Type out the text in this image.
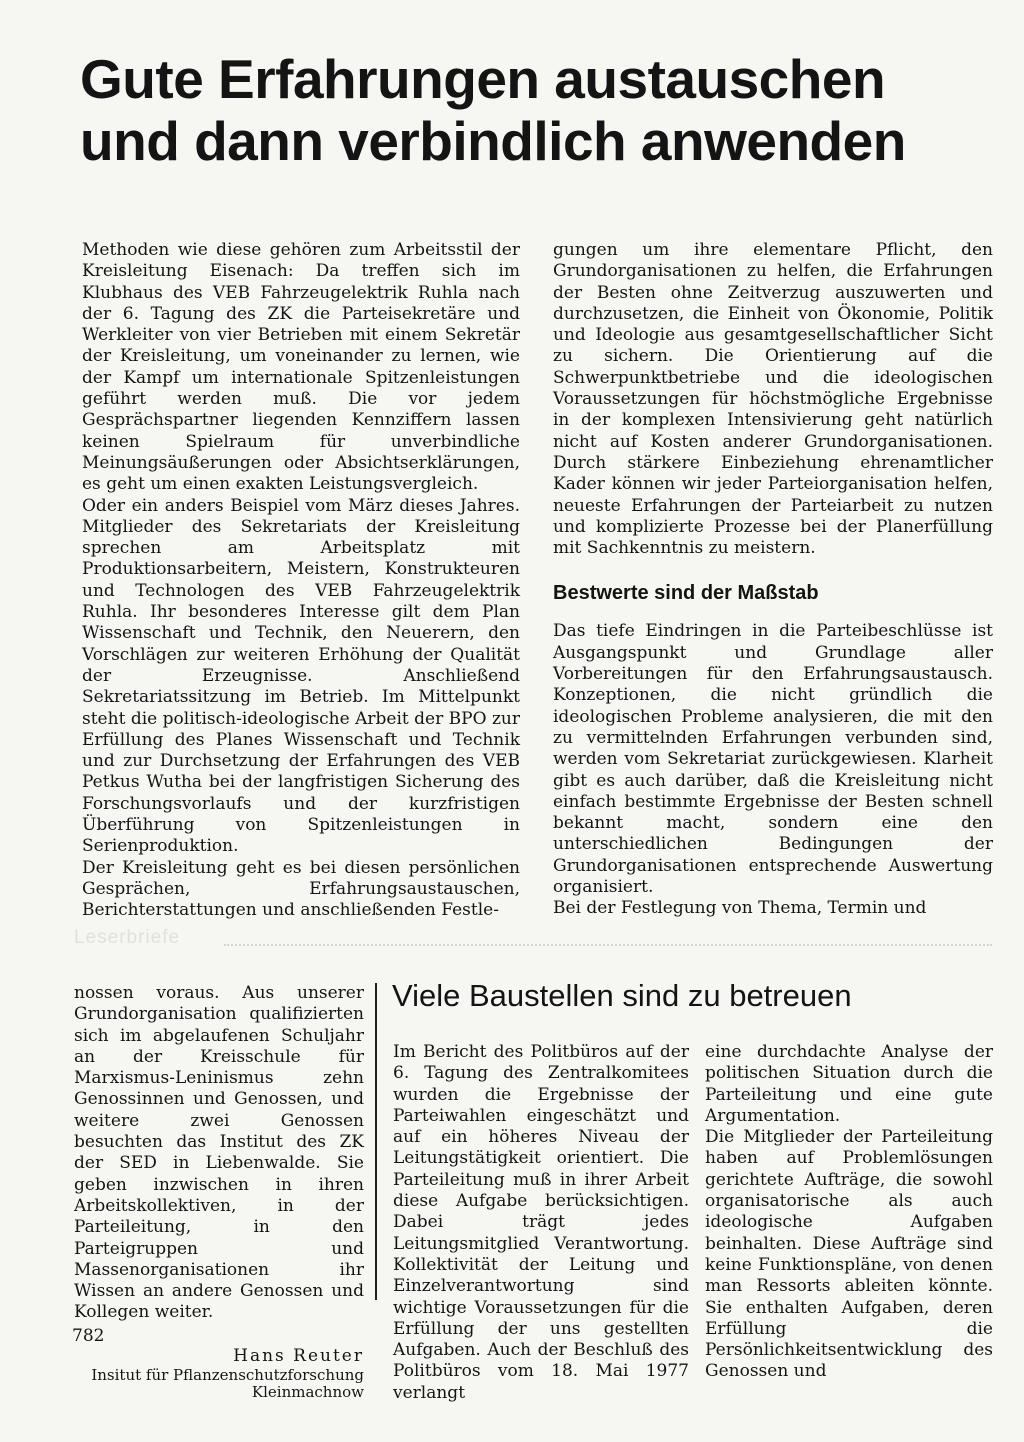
Gute Erfahrungen austauschen
und dann verbindlich anwenden

Methoden wie diese gehören zum Arbeitsstil der Kreisleitung Eisenach: Da treffen sich im Klubhaus des VEB Fahrzeugelektrik Ruhla nach der 6. Tagung des ZK die Parteisekretäre und Werkleiter von vier Betrieben mit einem Sekretär der Kreisleitung, um voneinander zu lernen, wie der Kampf um internationale Spitzenleistungen geführt werden muß. Die vor jedem Gesprächspartner liegenden Kennziffern lassen keinen Spielraum für unverbindliche Meinungsäußerungen oder Absichtserklärungen, es geht um einen exakten Leistungsvergleich.

Oder ein anders Beispiel vom März dieses Jahres. Mitglieder des Sekretariats der Kreisleitung sprechen am Arbeitsplatz mit Produktionsarbeitern, Meistern, Konstrukteuren und Technologen des VEB Fahrzeugelektrik Ruhla. Ihr besonderes Interesse gilt dem Plan Wissenschaft und Technik, den Neuerern, den Vorschlägen zur weiteren Erhöhung der Qualität der Erzeugnisse. Anschließend Sekretariatssitzung im Betrieb. Im Mittelpunkt steht die politisch-ideologische Arbeit der BPO zur Erfüllung des Planes Wissenschaft und Technik und zur Durchsetzung der Erfahrungen des VEB Petkus Wutha bei der langfristigen Sicherung des Forschungsvorlaufs und der kurzfristigen Überführung von Spitzenleistungen in Serienproduktion.

Der Kreisleitung geht es bei diesen persönlichen Gesprächen, Erfahrungsaustauschen, Berichterstattungen und anschließenden Festle-

gungen um ihre elementare Pflicht, den Grundorganisationen zu helfen, die Erfahrungen der Besten ohne Zeitverzug auszuwerten und durchzusetzen, die Einheit von Ökonomie, Politik und Ideologie aus gesamtgesellschaftlicher Sicht zu sichern. Die Orientierung auf die Schwerpunktbetriebe und die ideologischen Voraussetzungen für höchstmögliche Ergebnisse in der komplexen Intensivierung geht natürlich nicht auf Kosten anderer Grundorganisationen. Durch stärkere Einbeziehung ehrenamtlicher Kader können wir jeder Parteiorganisation helfen, neueste Erfahrungen der Parteiarbeit zu nutzen und komplizierte Prozesse bei der Planerfüllung mit Sachkenntnis zu meistern.

Bestwerte sind der Maßstab

Das tiefe Eindringen in die Parteibeschlüsse ist Ausgangspunkt und Grundlage aller Vorbereitungen für den Erfahrungsaustausch. Konzeptionen, die nicht gründlich die ideologischen Probleme analysieren, die mit den zu vermittelnden Erfahrungen verbunden sind, werden vom Sekretariat zurückgewiesen. Klarheit gibt es auch darüber, daß die Kreisleitung nicht einfach bestimmte Ergebnisse der Besten schnell bekannt macht, sondern eine den unterschiedlichen Bedingungen der Grundorganisationen entsprechende Auswertung organisiert.

Bei der Festlegung von Thema, Termin und

Leserbriefe

nossen voraus. Aus unserer Grundorganisation qualifizierten sich im abgelaufenen Schuljahr an der Kreisschule für Marxismus-Leninismus zehn Genossinnen und Genossen, und weitere zwei Genossen besuchten das Institut des ZK der SED in Liebenwalde. Sie geben inzwischen in ihren Arbeitskollektiven, in der Parteileitung, in den Parteigruppen und Massenorganisationen ihr Wissen an andere Genossen und Kollegen weiter.

Hans Reuter

Insitut für Pflanzenschutzforschung
Kleinmachnow
Viele Baustellen sind zu betreuen

Im Bericht des Politbüros auf der 6. Tagung des Zentralkomitees wurden die Ergebnisse der Parteiwahlen eingeschätzt und auf ein höheres Niveau der Leitungstätigkeit orientiert. Die Parteileitung muß in ihrer Arbeit diese Aufgabe berücksichtigen. Dabei trägt jedes Leitungsmitglied Verantwortung. Kollektivität der Leitung und Einzelverantwortung sind wichtige Voraussetzungen für die Erfüllung der uns gestellten Aufgaben. Auch der Beschluß des Politbüros vom 18. Mai 1977 verlangt

eine durchdachte Analyse der politischen Situation durch die Parteileitung und eine gute Argumentation.

Die Mitglieder der Parteileitung haben auf Problemlösungen gerichtete Aufträge, die sowohl organisatorische als auch ideologische Aufgaben beinhalten. Diese Aufträge sind keine Funktionspläne, von denen man Ressorts ableiten könnte. Sie enthalten Aufgaben, deren Erfüllung die Persönlichkeitsentwicklung des Genossen und

782
